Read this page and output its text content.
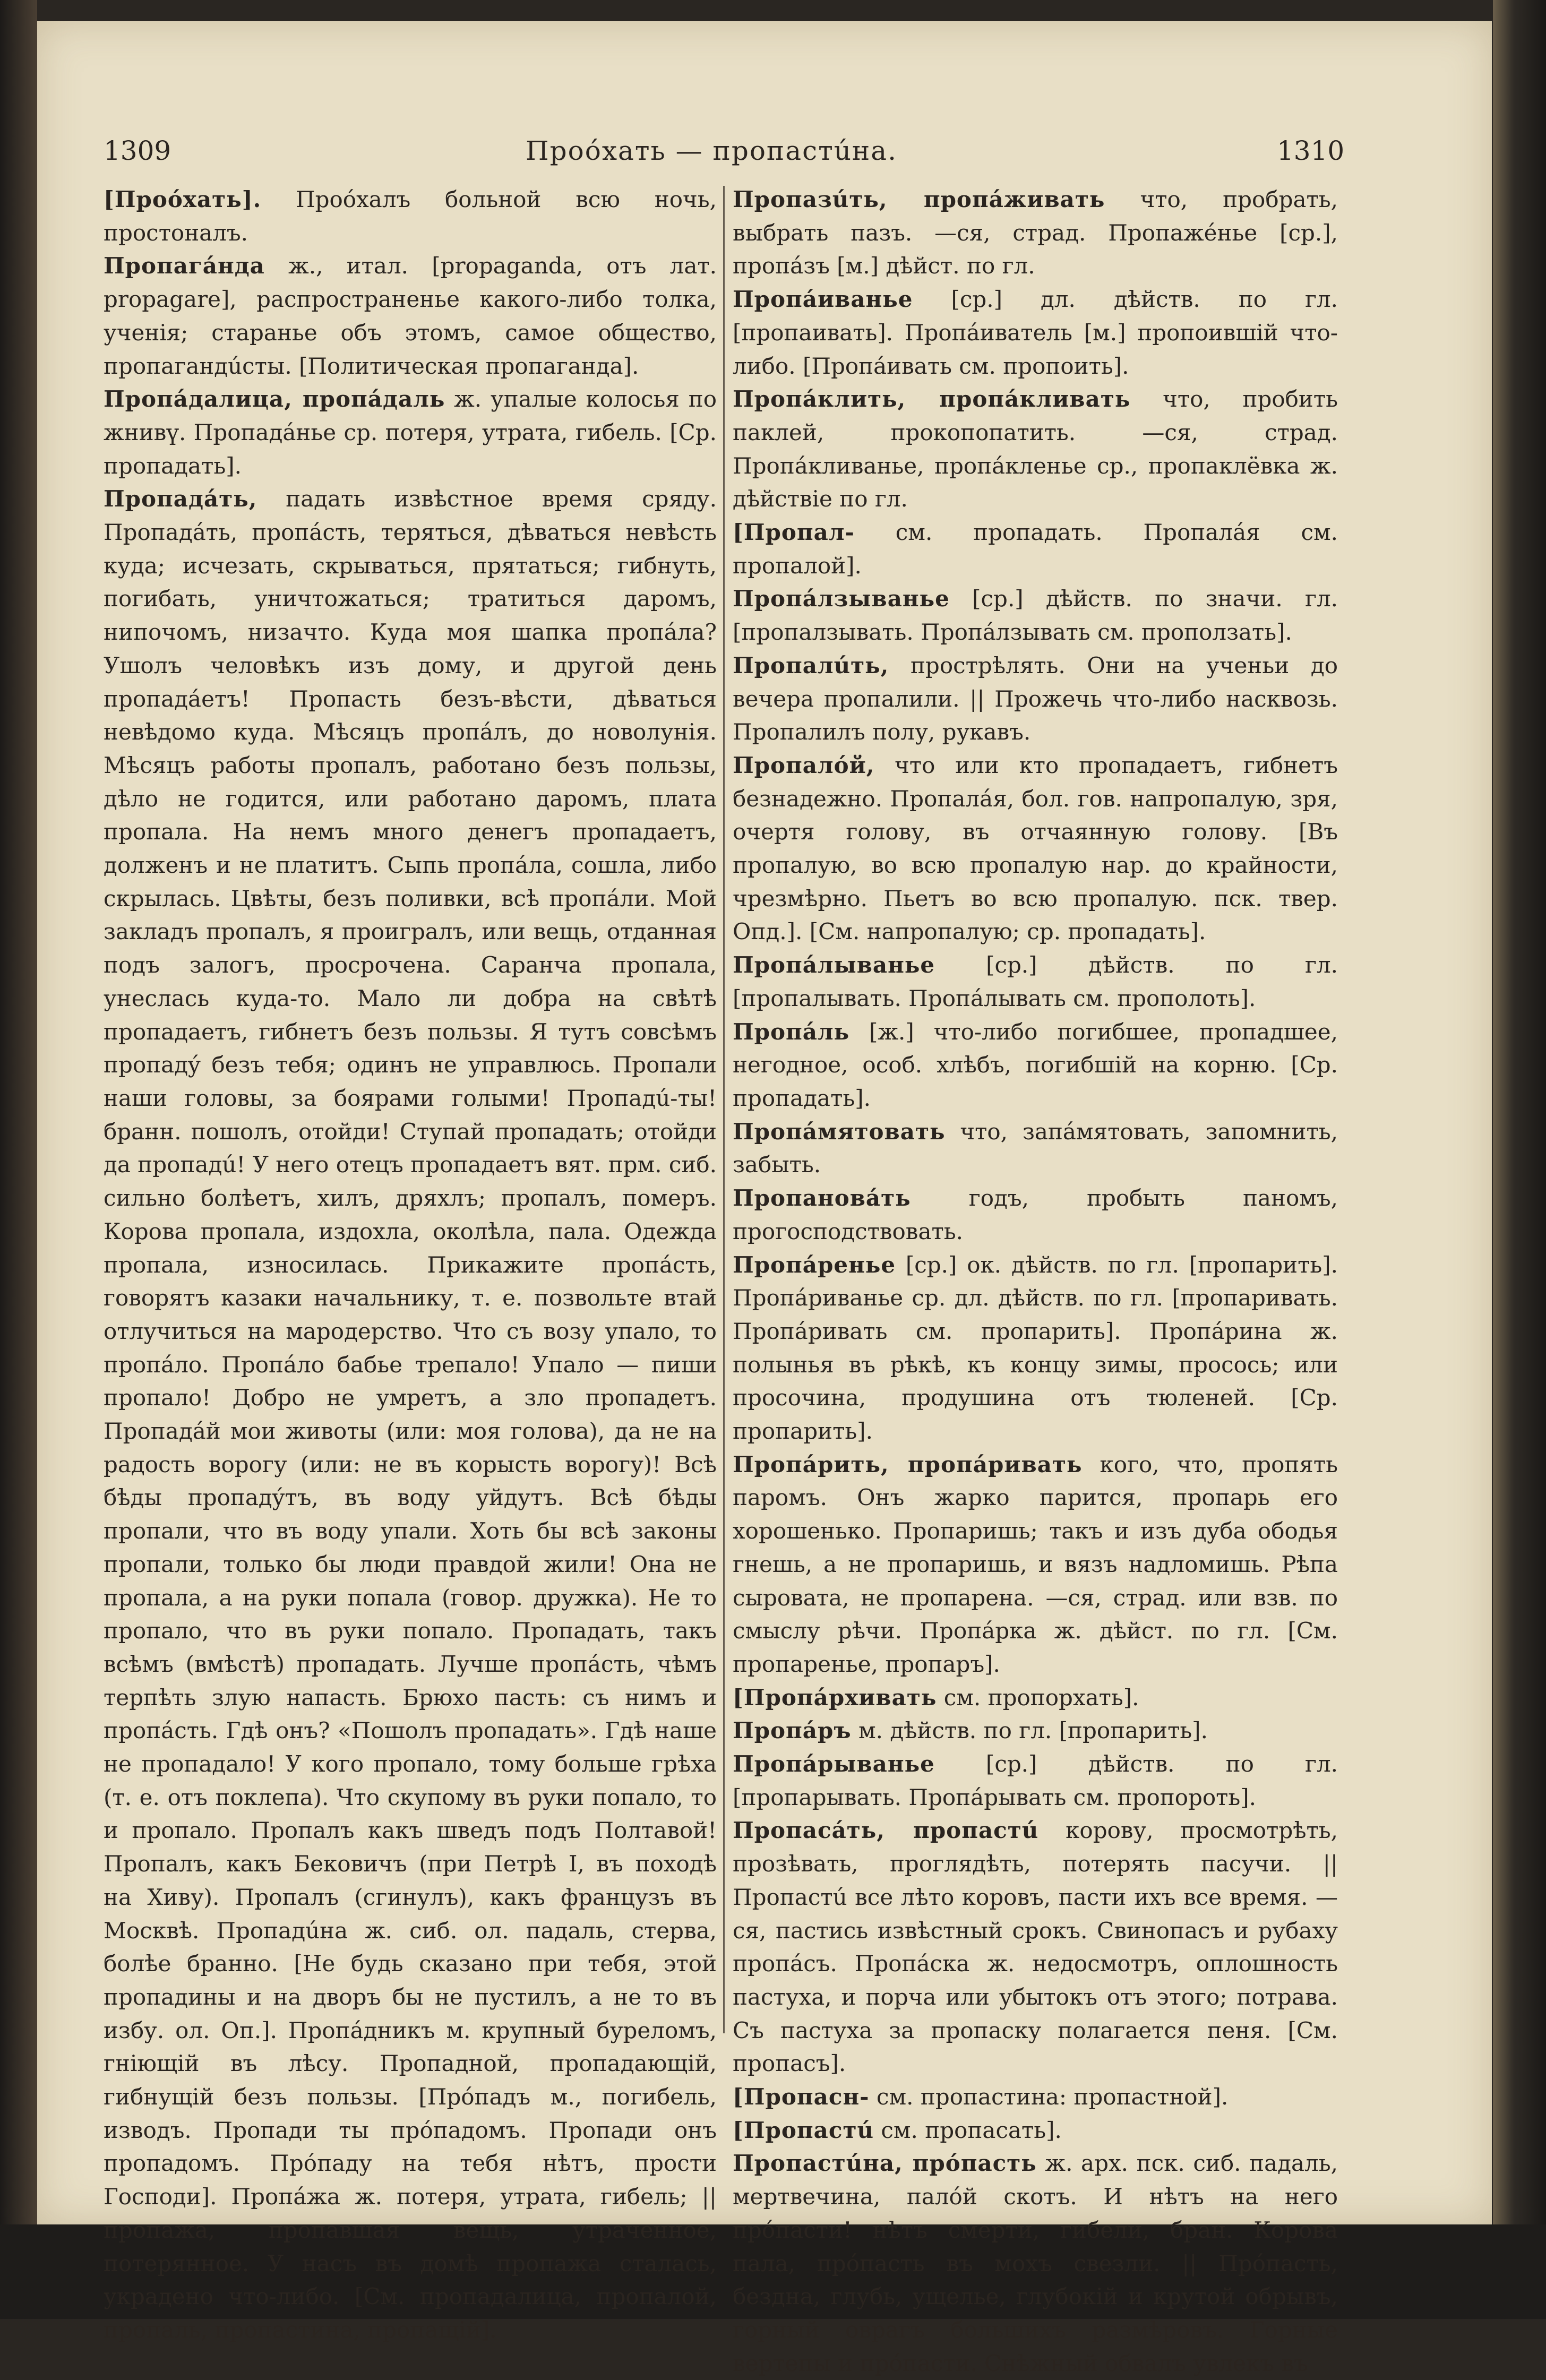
1309	Проóхать — пропастúна.	1310

[Проóхать]. Проóхалъ больной всю ночь, простоналъ.

Пропагáнда ж., итал. [propaganda, отъ лат. propagare], распространенье какого-либо толка, ученія; старанье объ этомъ, самое общество, пропагандúсты. [Политическая пропаганда].

Пропáдалица, пропáдаль ж. упалые колосья по жнивү. Пропадáнье ср. потеря, утрата, гибель. [Ср. пропадать].

Пропадáть, падать извѣстное время сряду. Пропадáть, пропáсть, теряться, дѣваться невѣсть куда; исчезать, скрываться, прятаться; гибнуть, погибать, уничтожаться; тратиться даромъ, нипочомъ, низачто. Куда моя шапка пропáла? Ушолъ человѣкъ изъ дому, и другой день пропадáетъ! Пропасть безъ-вѣсти, дѣваться невѣдомо куда. Мѣсяцъ пропáлъ, до новолунія. Мѣсяцъ работы пропалъ, работано безъ пользы, дѣло не годится, или работано даромъ, плата пропала. На немъ много денегъ пропадаетъ, долженъ и не платитъ. Сыпь пропáла, сошла, либо скрылась. Цвѣты, безъ поливки, всѣ пропáли. Мой закладъ пропалъ, я проигралъ, или вещь, отданная подъ залогъ, просрочена. Саранча пропала, унеслась куда-то. Мало ли добра на свѣтѣ пропадаетъ, гибнетъ безъ пользы. Я тутъ совсѣмъ пропадý безъ тебя; одинъ не управлюсь. Пропали наши головы, за боярами голыми! Пропадú-ты! бранн. пошолъ, отойди! Ступай пропадать; отойди да пропадú! У него отецъ пропадаетъ вят. прм. сиб. сильно болѣетъ, хилъ, дряхлъ; пропалъ, померъ. Корова пропала, издохла, околѣла, пала. Одежда пропала, износилась. Прикажите пропáсть, говорятъ казаки начальнику, т. е. позвольте втай отлучиться на мародерство. Что съ возу упало, то пропáло. Пропáло бабье трепало! Упало — пиши пропало! Добро не умретъ, а зло пропадетъ. Пропадáй мои животы (или: моя голова), да не на радость ворогу (или: не въ корысть ворогу)! Всѣ бѣды пропадýтъ, въ воду уйдутъ. Всѣ бѣды пропали, что въ воду упали. Хоть бы всѣ законы пропали, только бы люди правдой жили! Она не пропала, а на руки попала (говор. дружка). Не то пропало, что въ руки попало. Пропадать, такъ всѣмъ (вмѣстѣ) пропадать. Лучше пропáсть, чѣмъ терпѣть злую напасть. Брюхо пасть: съ нимъ и пропáсть. Гдѣ онъ? «Пошолъ пропадать». Гдѣ наше не пропадало! У кого пропало, тому больше грѣха (т. е. отъ поклепа). Что скупому въ руки попало, то и пропало. Пропалъ какъ шведъ подъ Полтавой! Пропалъ, какъ Бековичъ (при Петрѣ I, въ походѣ на Хиву). Пропалъ (сгинулъ), какъ французъ въ Москвѣ. Пропадúна ж. сиб. ол. падаль, стерва, болѣе бранно. [Не будь сказано при тебя, этой пропадины и на дворъ бы не пустилъ, а не то въ избу. ол. Оп.]. Пропáдникъ м. крупный буреломъ, гніющій въ лѣсу. Пропадной, пропадающій, гибнущій безъ пользы. [Прóпадъ м., погибель, изводъ. Пропади ты прóпадомъ. Пропади онъ пропадомъ. Прóпаду на тебя нѣтъ, прости Господи]. Пропáжа ж. потеря, утрата, гибель; || пропажа, пропавшая вещь, утраченное, потерянное. У насъ въ домѣ пропажа сталась, украдено что-либо. [См. пропадалица, пропалой, пропаль, пропастина, пропащій].

Пропазúть, пропáживать что, пробрать, выбрать пазъ. —ся, страд. Пропажéнье [ср.], пропáзъ [м.] дѣйст. по гл.

Пропáиванье [ср.] дл. дѣйств. по гл. [пропаивать]. Пропáиватель [м.] пропоившій что-либо. [Пропáивать см. пропоить].

Пропáклить, пропáкливать что, пробить паклей, прокопопатить. —ся, страд. Пропáкливанье, пропáкленье ср., пропаклёвка ж. дѣйствіе по гл.

[Пропал- см. пропадать. Пропалáя см. пропалой].

Пропáлзыванье [ср.] дѣйств. по значи. гл. [пропалзывать. Пропáлзывать см. проползать].

Пропалúть, прострѣлять. Они на ученьи до вечера пропалили. || Прожечь что-либо насквозь. Пропалилъ полу, рукавъ.

Пропалóй, что или кто пропадаетъ, гибнетъ безнадежно. Пропалáя, бол. гов. напропалую, зря, очертя голову, въ отчаянную голову. [Въ пропалую, во всю пропалую нар. до крайности, чрезмѣрно. Пьетъ во всю пропалую. пск. твер. Опд.]. [См. напропалую; ср. пропадать].

Пропáлыванье [ср.] дѣйств. по гл. [пропалывать. Пропáлывать см. прополоть].

Пропáль [ж.] что-либо погибшее, пропадшее, негодное, особ. хлѣбъ, погибшій на корню. [Ср. пропадать].

Пропáмятовать что, запáмятовать, запомнить, забыть.

Пропановáть годъ, пробыть паномъ, прогосподствовать.

Пропáренье [ср.] ок. дѣйств. по гл. [пропарить]. Пропáриванье ср. дл. дѣйств. по гл. [пропаривать. Пропáривать см. пропарить]. Пропáрина ж. полынья въ рѣкѣ, къ концу зимы, просось; или просочина, продушина отъ тюленей. [Ср. пропарить].

Пропáрить, пропáривать кого, что, пропять паромъ. Онъ жарко парится, пропарь его хорошенько. Пропаришь; такъ и изъ дуба ободья гнешь, а не пропаришь, и вязъ надломишь. Рѣпа сыровата, не пропарена. —ся, страд. или взв. по смыслу рѣчи. Пропáрка ж. дѣйст. по гл. [См. пропаренье, пропаръ].

[Пропáрхивать см. пропорхать].

Пропáръ м. дѣйств. по гл. [пропарить].

Пропáрыванье [ср.] дѣйств. по гл. [пропарывать. Пропáрывать см. пропороть].

Пропасáть, пропастú корову, просмотрѣть, прозѣвать, проглядѣть, потерять пасучи. || Пропастú все лѣто коровъ, пасти ихъ все время. —ся, пастись извѣстный срокъ. Свинопасъ и рубаху пропáсъ. Пропáска ж. недосмотръ, оплошность пастуха, и порча или убытокъ отъ этого; потрава. Съ пастуха за пропаску полагается пеня. [См. пропасъ].

[Пропасн- см. пропастина: пропастной].

[Пропастú см. пропасать].

Пропастúна, прóпасть ж. арх. пск. сиб. падаль, мертвечина, палóй скотъ. И нѣтъ на него прóпасти! нѣтъ смерти, гибели, бран. Корова пала, прóпасть въ мохъ свезли. || Прóпасть, бездна, глубь, ущелье, глубокій и крутой обрывъ, горный оврагъ большихъ размѣровъ. Горные вертепы и прóпасти. Снѣжный обвалъ увлекъ въ
